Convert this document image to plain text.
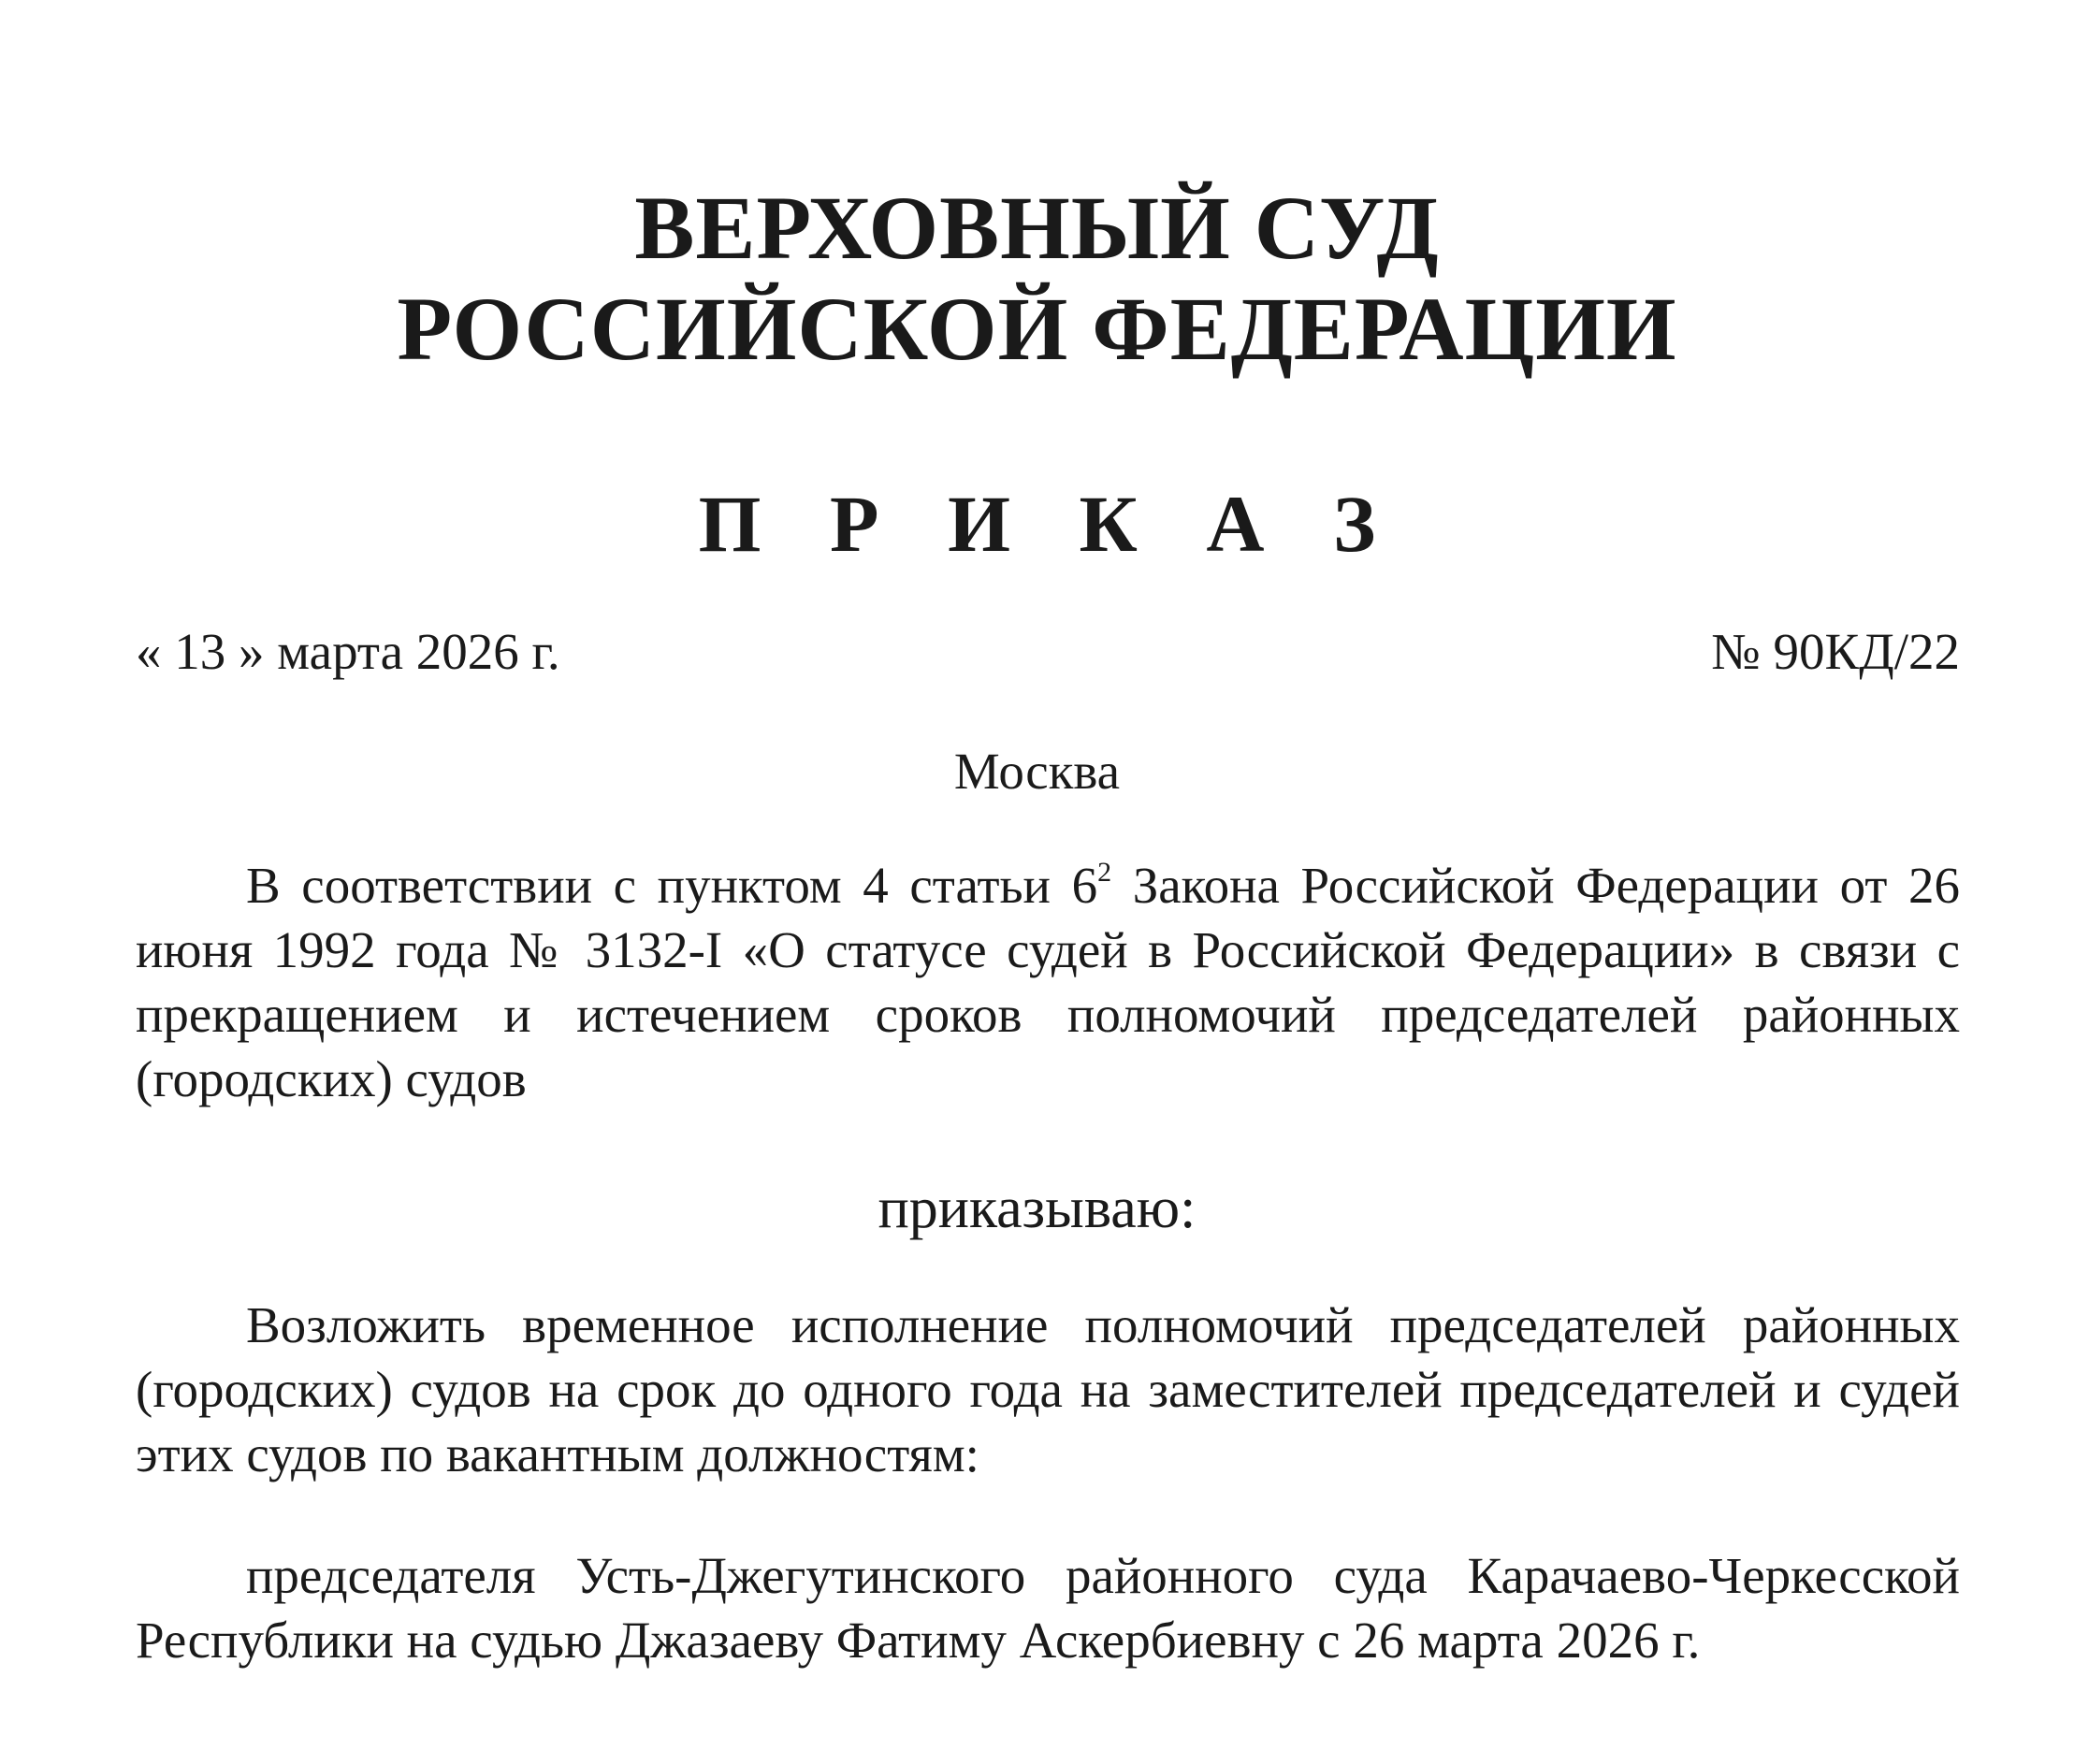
ВЕРХОВНЫЙ СУД
РОССИЙСКОЙ ФЕДЕРАЦИИ
П Р И К А З
« 13 » марта 2026 г.	№ 90КД/22
Москва
В соответствии с пунктом 4 статьи $6^2$ Закона Российской Федерации от 26 июня 1992 года № 3132-I «О статусе судей в Российской Федерации» в связи с прекращением и истечением сроков полномочий председателей районных (городских) судов
приказываю:
Возложить временное исполнение полномочий председателей районных (городских) судов на срок до одного года на заместителей председателей и судей этих судов по вакантным должностям:
председателя Усть-Джегутинского районного суда Карачаево-Черкесской Республики на судью Джазаеву Фатиму Аскербиевну с 26 марта 2026 г.
